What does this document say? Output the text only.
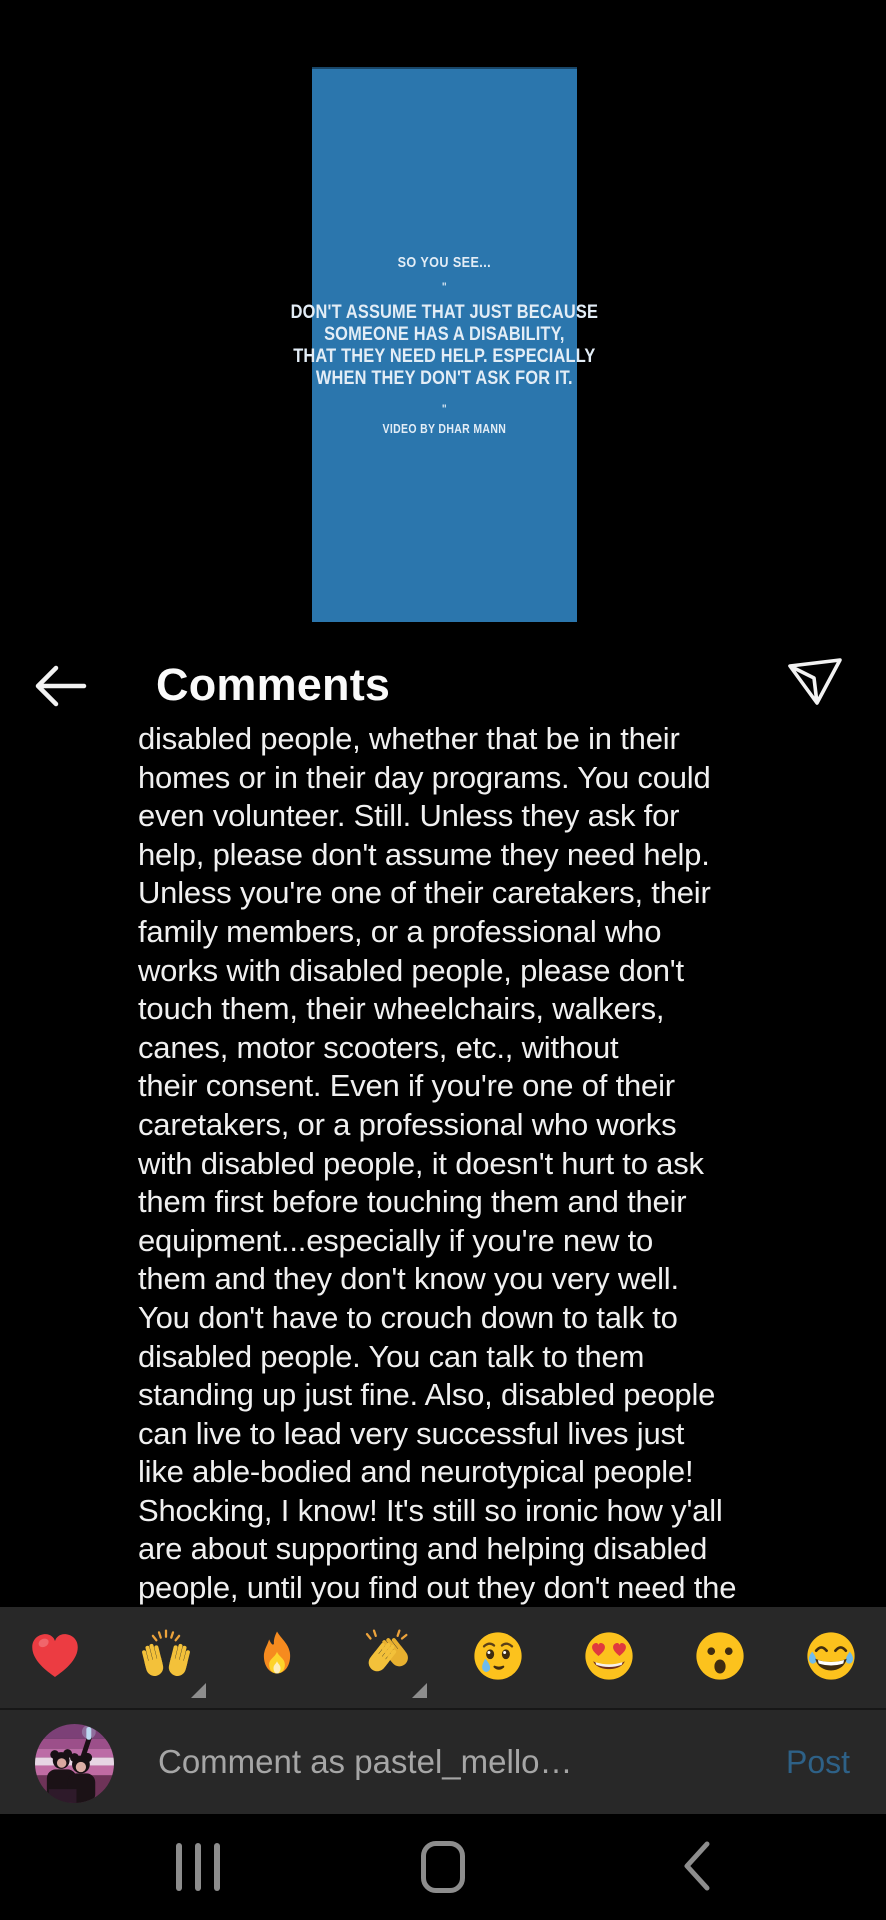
SO YOU SEE...
"
DON'T ASSUME THAT JUST BECAUSE
SOMEONE HAS A DISABILITY,
THAT THEY NEED HELP. ESPECIALLY
WHEN THEY DON'T ASK FOR IT.
"
VIDEO BY DHAR MANN
Comments
disabled people, whether that be in their
homes or in their day programs. You could
even volunteer. Still. Unless they ask for
help, please don't assume they need help.
Unless you're one of their caretakers, their
family members, or a professional who
works with disabled people, please don't
touch them, their wheelchairs, walkers,
canes, motor scooters, etc., without
their consent. Even if you're one of their
caretakers, or a professional who works
with disabled people, it doesn't hurt to ask
them first before touching them and their
equipment...especially if you're new to
them and they don't know you very well.
You don't have to crouch down to talk to
disabled people. You can talk to them
standing up just fine. Also, disabled people
can live to lead very successful lives just
like able-bodied and neurotypical people!
Shocking, I know! It's still so ironic how y'all
are about supporting and helping disabled
people, until you find out they don't need the
Comment as pastel_mello…	Post
